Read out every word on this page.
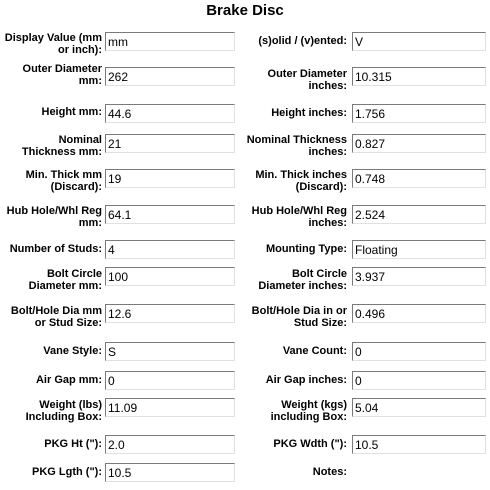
Brake Disc
Display Value (mm or inch):
mm
Outer Diameter mm:
262
Height mm:
44.6
Nominal Thickness mm:
21
Min. Thick mm (Discard):
19
Hub Hole/Whl Reg mm:
64.1
Number of Studs:
4
Bolt Circle Diameter mm:
100
Bolt/Hole Dia mm or Stud Size:
12.6
Vane Style:
S
Air Gap mm:
0
Weight (lbs) Including Box:
11.09
PKG Ht ("):
2.0
PKG Lgth ("):
10.5
(s)olid / (v)ented:
V
Outer Diameter inches:
10.315
Height inches:
1.756
Nominal Thickness inches:
0.827
Min. Thick inches (Discard):
0.748
Hub Hole/Whl Reg inches:
2.524
Mounting Type:
Floating
Bolt Circle Diameter inches:
3.937
Bolt/Hole Dia in or Stud Size:
0.496
Vane Count:
0
Air Gap inches:
0
Weight (kgs) including Box:
5.04
PKG Wdth ("):
10.5
Notes:
